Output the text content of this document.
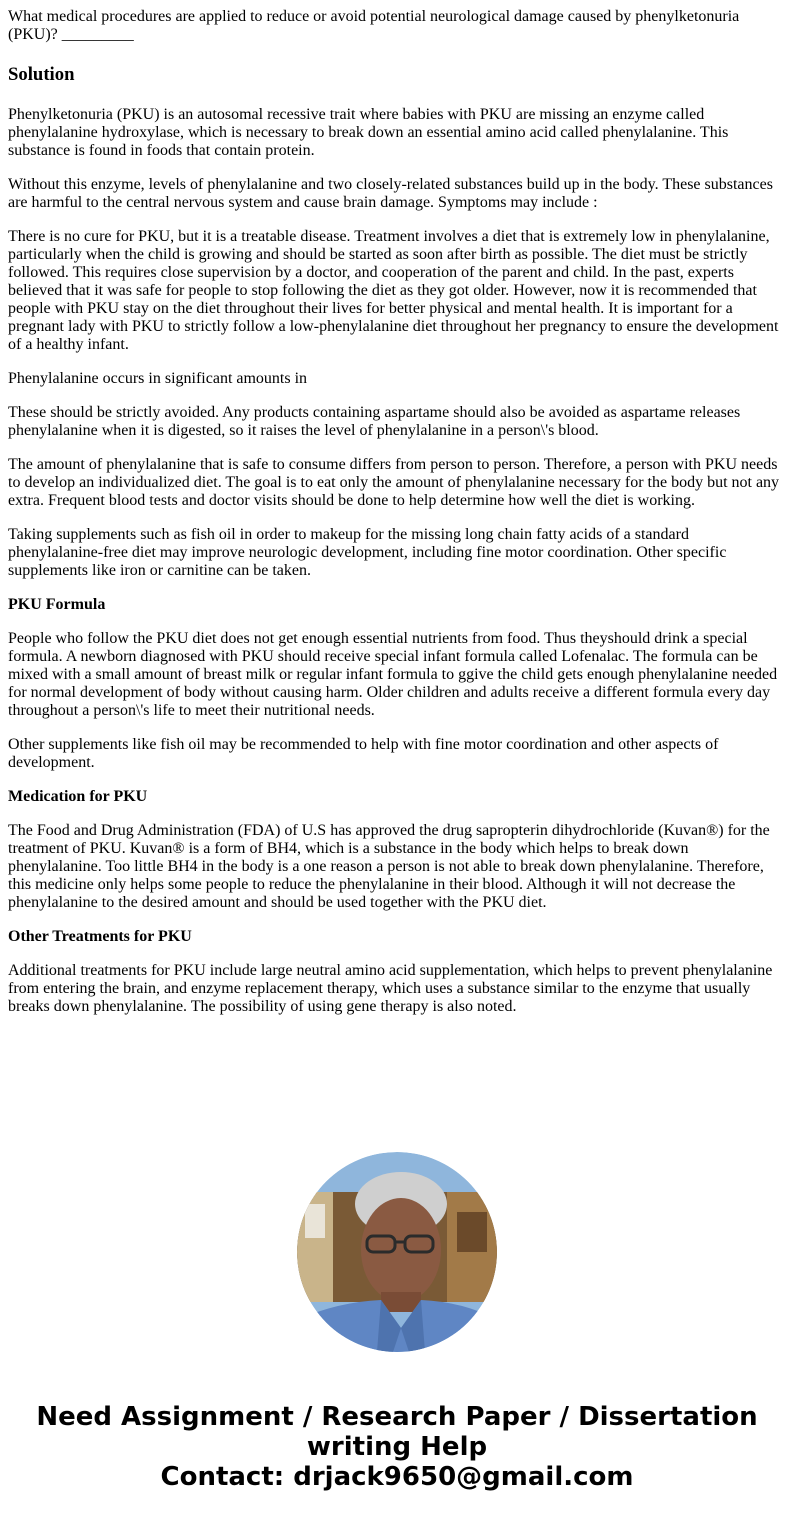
What medical procedures are applied to reduce or avoid potential neurological damage caused by phenylketonuria (PKU)? _________
Solution

Phenylketonuria (PKU) is an autosomal recessive trait where babies with PKU are missing an enzyme called phenylalanine hydroxylase, which is necessary to break down an essential amino acid called phenylalanine. This substance is found in foods that contain protein.

Without this enzyme, levels of phenylalanine and two closely-related substances build up in the body. These substances are harmful to the central nervous system and cause brain damage. Symptoms may include :

There is no cure for PKU, but it is a treatable disease. Treatment involves a diet that is extremely low in phenylalanine, particularly when the child is growing and should be started as soon after birth as possible. The diet must be strictly followed. This requires close supervision by a doctor, and cooperation of the parent and child. In the past, experts believed that it was safe for people to stop following the diet as they got older. However, now it is recommended that people with PKU stay on the diet throughout their lives for better physical and mental health. It is important for a pregnant lady with PKU to strictly follow a low-phenylalanine diet throughout her pregnancy to ensure the development of a healthy infant.

Phenylalanine occurs in significant amounts in

These should be strictly avoided. Any products containing aspartame should also be avoided as aspartame releases phenylalanine when it is digested, so it raises the level of phenylalanine in a person\'s blood.

The amount of phenylalanine that is safe to consume differs from person to person. Therefore, a person with PKU needs to develop an individualized diet. The goal is to eat only the amount of phenylalanine necessary for the body but not any extra. Frequent blood tests and doctor visits should be done to help determine how well the diet is working.

Taking supplements such as fish oil in order to makeup for the missing long chain fatty acids of a standard phenylalanine-free diet may improve neurologic development, including fine motor coordination. Other specific supplements like iron or carnitine can be taken.

PKU Formula

People who follow the PKU diet does not get enough essential nutrients from food. Thus theyshould drink a special formula. A newborn diagnosed with PKU should receive special infant formula called Lofenalac. The formula can be mixed with a small amount of breast milk or regular infant formula to ggive the child gets enough phenylalanine needed for normal development of body without causing harm. Older children and adults receive a different formula every day throughout a person\'s life to meet their nutritional needs.

Other supplements like fish oil may be recommended to help with fine motor coordination and other aspects of development.

Medication for PKU

The Food and Drug Administration (FDA) of U.S has approved the drug sapropterin dihydrochloride (Kuvan®) for the treatment of PKU. Kuvan® is a form of BH4, which is a substance in the body which helps to break down phenylalanine. Too little BH4 in the body is a one reason a person is not able to break down phenylalanine. Therefore, this medicine only helps some people to reduce the phenylalanine in their blood. Although it will not decrease the phenylalanine to the desired amount and should be used together with the PKU diet.

Other Treatments for PKU

Additional treatments for PKU include large neutral amino acid supplementation, which helps to prevent phenylalanine from entering the brain, and enzyme replacement therapy, which uses a substance similar to the enzyme that usually breaks down phenylalanine. The possibility of using gene therapy is also noted.

Need Assignment / Research Paper / Dissertation writing Help
Contact: drjack9650@gmail.com
